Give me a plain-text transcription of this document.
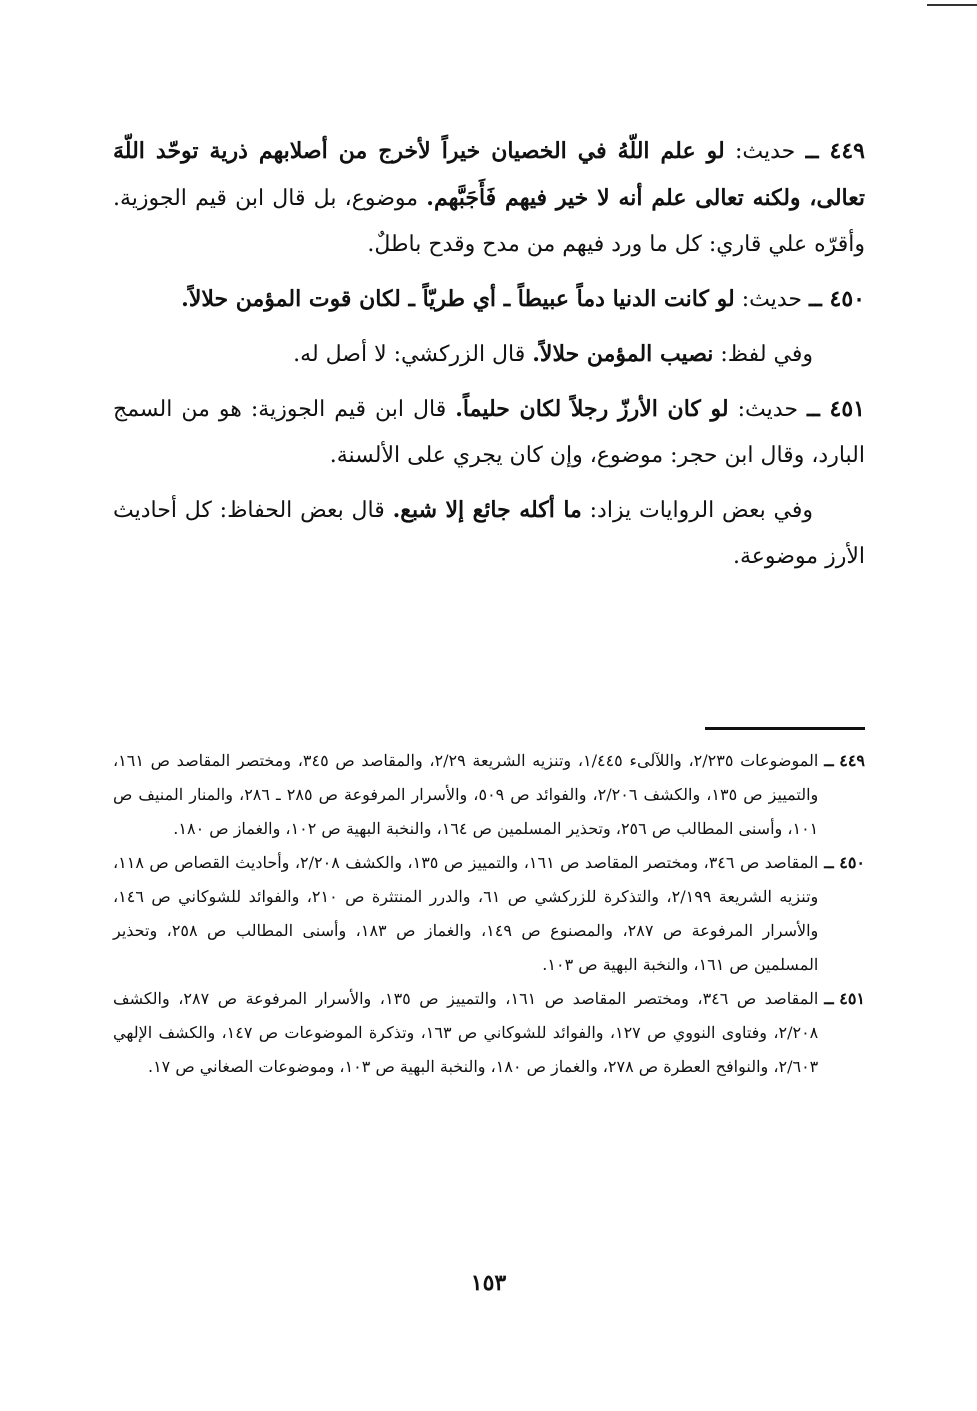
٤٤٩ ــ حديث: لو علم اللّهُ في الخصيان خيراً لأخرج من أصلابهم ذرية توحّد اللّهَ تعالى، ولكنه تعالى علم أنه لا خير فيهم فَأَجَبَّهم. موضوع، بل قال ابن قيم الجوزية. وأقرّه علي قاري: كل ما ورد فيهم من مدح وقدح باطلٌ.

٤٥٠ ــ حديث: لو كانت الدنيا دماً عبيطاً ـ أي طريّاً ـ لكان قوت المؤمن حلالاً.

وفي لفظ: نصيب المؤمن حلالاً. قال الزركشي: لا أصل له.

٤٥١ ــ حديث: لو كان الأرزّ رجلاً لكان حليماً. قال ابن قيم الجوزية: هو من السمج البارد، وقال ابن حجر: موضوع، وإن كان يجري على الألسنة.

وفي بعض الروايات يزاد: ما أكله جائع إلا شبع. قال بعض الحفاظ: كل أحاديث الأرز موضوعة.

٤٤٩ ــ
الموضوعات ٢/٢٣٥، واللآلىء ١/٤٤٥، وتنزيه الشريعة ٢/٢٩، والمقاصد ص ٣٤٥، ومختصر المقاصد ص ١٦١، والتمييز ص ١٣٥، والكشف ٢/٢٠٦، والفوائد ص ٥٠٩، والأسرار المرفوعة ص ٢٨٥ ـ ٢٨٦، والمنار المنيف ص ١٠١، وأسنى المطالب ص ٢٥٦، وتحذير المسلمين ص ١٦٤، والنخبة البهية ص ١٠٢، والغماز ص ١٨٠.
٤٥٠ ــ
المقاصد ص ٣٤٦، ومختصر المقاصد ص ١٦١، والتمييز ص ١٣٥، والكشف ٢/٢٠٨، وأحاديث القصاص ص ١١٨، وتنزيه الشريعة ٢/١٩٩، والتذكرة للزركشي ص ٦١، والدرر المنتثرة ص ٢١٠، والفوائد للشوكاني ص ١٤٦، والأسرار المرفوعة ص ٢٨٧، والمصنوع ص ١٤٩، والغماز ص ١٨٣، وأسنى المطالب ص ٢٥٨، وتحذير المسلمين ص ١٦١، والنخبة البهية ص ١٠٣.
٤٥١ ــ
المقاصد ص ٣٤٦، ومختصر المقاصد ص ١٦١، والتمييز ص ١٣٥، والأسرار المرفوعة ص ٢٨٧، والكشف ٢/٢٠٨، وفتاوى النووي ص ١٢٧، والفوائد للشوكاني ص ١٦٣، وتذكرة الموضوعات ص ١٤٧، والكشف الإلهي ٢/٦٠٣، والنوافح العطرة ص ٢٧٨، والغماز ص ١٨٠، والنخبة البهية ص ١٠٣، وموضوعات الصغاني ص ١٧.
١٥٣
